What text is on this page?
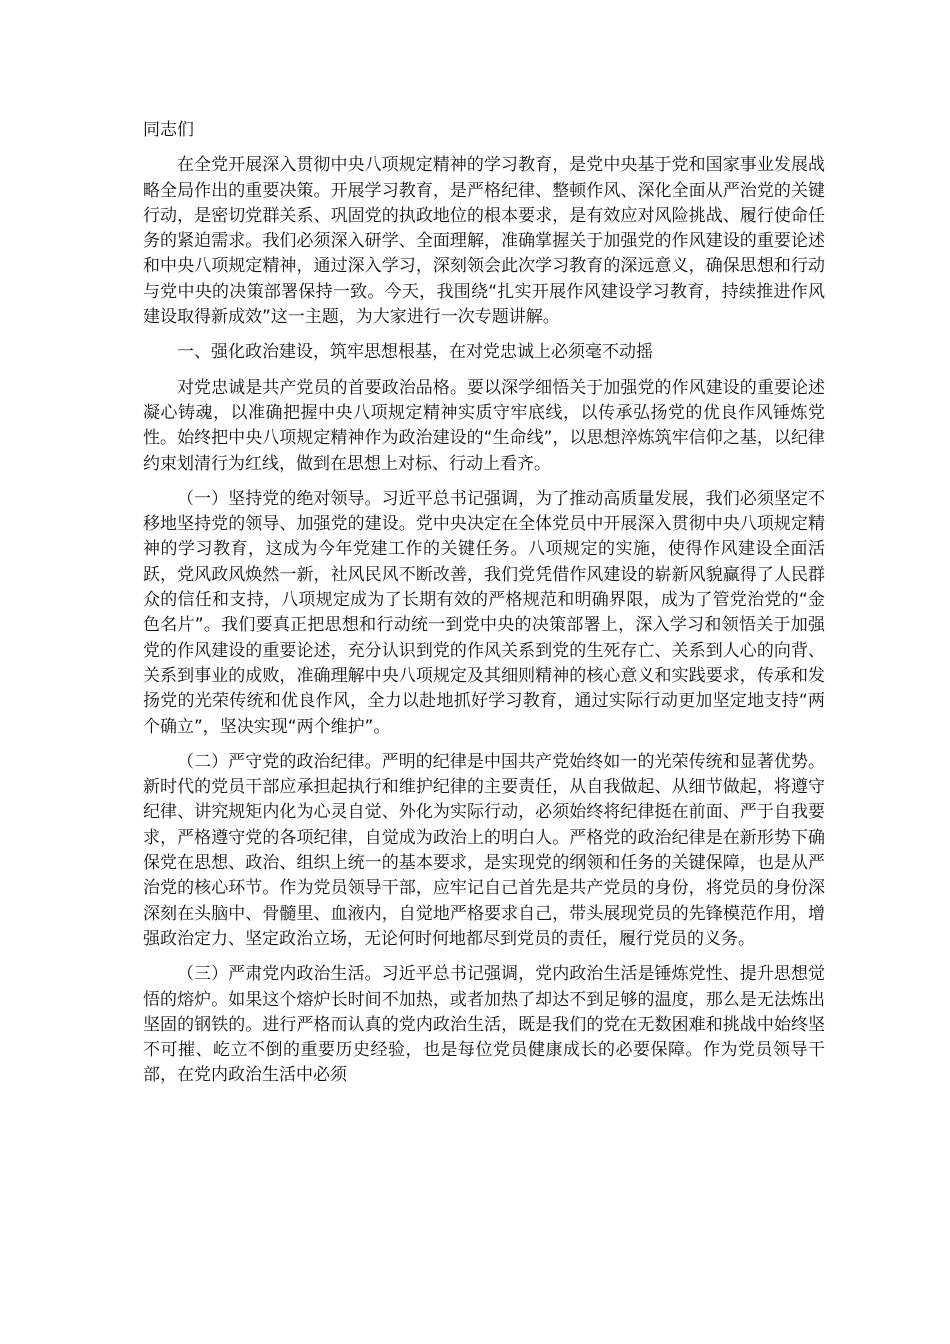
同志们

在全党开展深入贯彻中央八项规定精神的学习教育，是党中央基于党和国家事业发展战略全局作出的重要决策。开展学习教育，是严格纪律、整顿作风、深化全面从严治党的关键行动，是密切党群关系、巩固党的执政地位的根本要求，是有效应对风险挑战、履行使命任务的紧迫需求。我们必须深入研学、全面理解，准确掌握关于加强党的作风建设的重要论述和中央八项规定精神，通过深入学习，深刻领会此次学习教育的深远意义，确保思想和行动与党中央的决策部署保持一致。今天，我围绕“扎实开展作风建设学习教育，持续推进作风建设取得新成效”这一主题，为大家进行一次专题讲解。

一、强化政治建设，筑牢思想根基，在对党忠诚上必须毫不动摇

对党忠诚是共产党员的首要政治品格。要以深学细悟关于加强党的作风建设的重要论述凝心铸魂，以准确把握中央八项规定精神实质守牢底线，以传承弘扬党的优良作风锤炼党性。始终把中央八项规定精神作为政治建设的“生命线”，以思想淬炼筑牢信仰之基，以纪律约束划清行为红线，做到在思想上对标、行动上看齐。

（一）坚持党的绝对领导。习近平总书记强调，为了推动高质量发展，我们必须坚定不移地坚持党的领导、加强党的建设。党中央决定在全体党员中开展深入贯彻中央八项规定精神的学习教育，这成为今年党建工作的关键任务。八项规定的实施，使得作风建设全面活跃，党风政风焕然一新，社风民风不断改善，我们党凭借作风建设的崭新风貌赢得了人民群众的信任和支持，八项规定成为了长期有效的严格规范和明确界限，成为了管党治党的“金色名片”。我们要真正把思想和行动统一到党中央的决策部署上，深入学习和领悟关于加强党的作风建设的重要论述，充分认识到党的作风关系到党的生死存亡、关系到人心的向背、关系到事业的成败，准确理解中央八项规定及其细则精神的核心意义和实践要求，传承和发扬党的光荣传统和优良作风，全力以赴地抓好学习教育，通过实际行动更加坚定地支持“两个确立”，坚决实现“两个维护”。

（二）严守党的政治纪律。严明的纪律是中国共产党始终如一的光荣传统和显著优势。新时代的党员干部应承担起执行和维护纪律的主要责任，从自我做起、从细节做起，将遵守纪律、讲究规矩内化为心灵自觉、外化为实际行动，必须始终将纪律挺在前面、严于自我要求，严格遵守党的各项纪律，自觉成为政治上的明白人。严格党的政治纪律是在新形势下确保党在思想、政治、组织上统一的基本要求，是实现党的纲领和任务的关键保障，也是从严治党的核心环节。作为党员领导干部，应牢记自己首先是共产党员的身份，将党员的身份深深刻在头脑中、骨髓里、血液内，自觉地严格要求自己，带头展现党员的先锋模范作用，增强政治定力、坚定政治立场，无论何时何地都尽到党员的责任，履行党员的义务。

（三）严肃党内政治生活。习近平总书记强调，党内政治生活是锤炼党性、提升思想觉悟的熔炉。如果这个熔炉长时间不加热，或者加热了却达不到足够的温度，那么是无法炼出坚固的钢铁的。进行严格而认真的党内政治生活，既是我们的党在无数困难和挑战中始终坚不可摧、屹立不倒的重要历史经验，也是每位党员健康成长的必要保障。作为党员领导干部，在党内政治生活中必须
